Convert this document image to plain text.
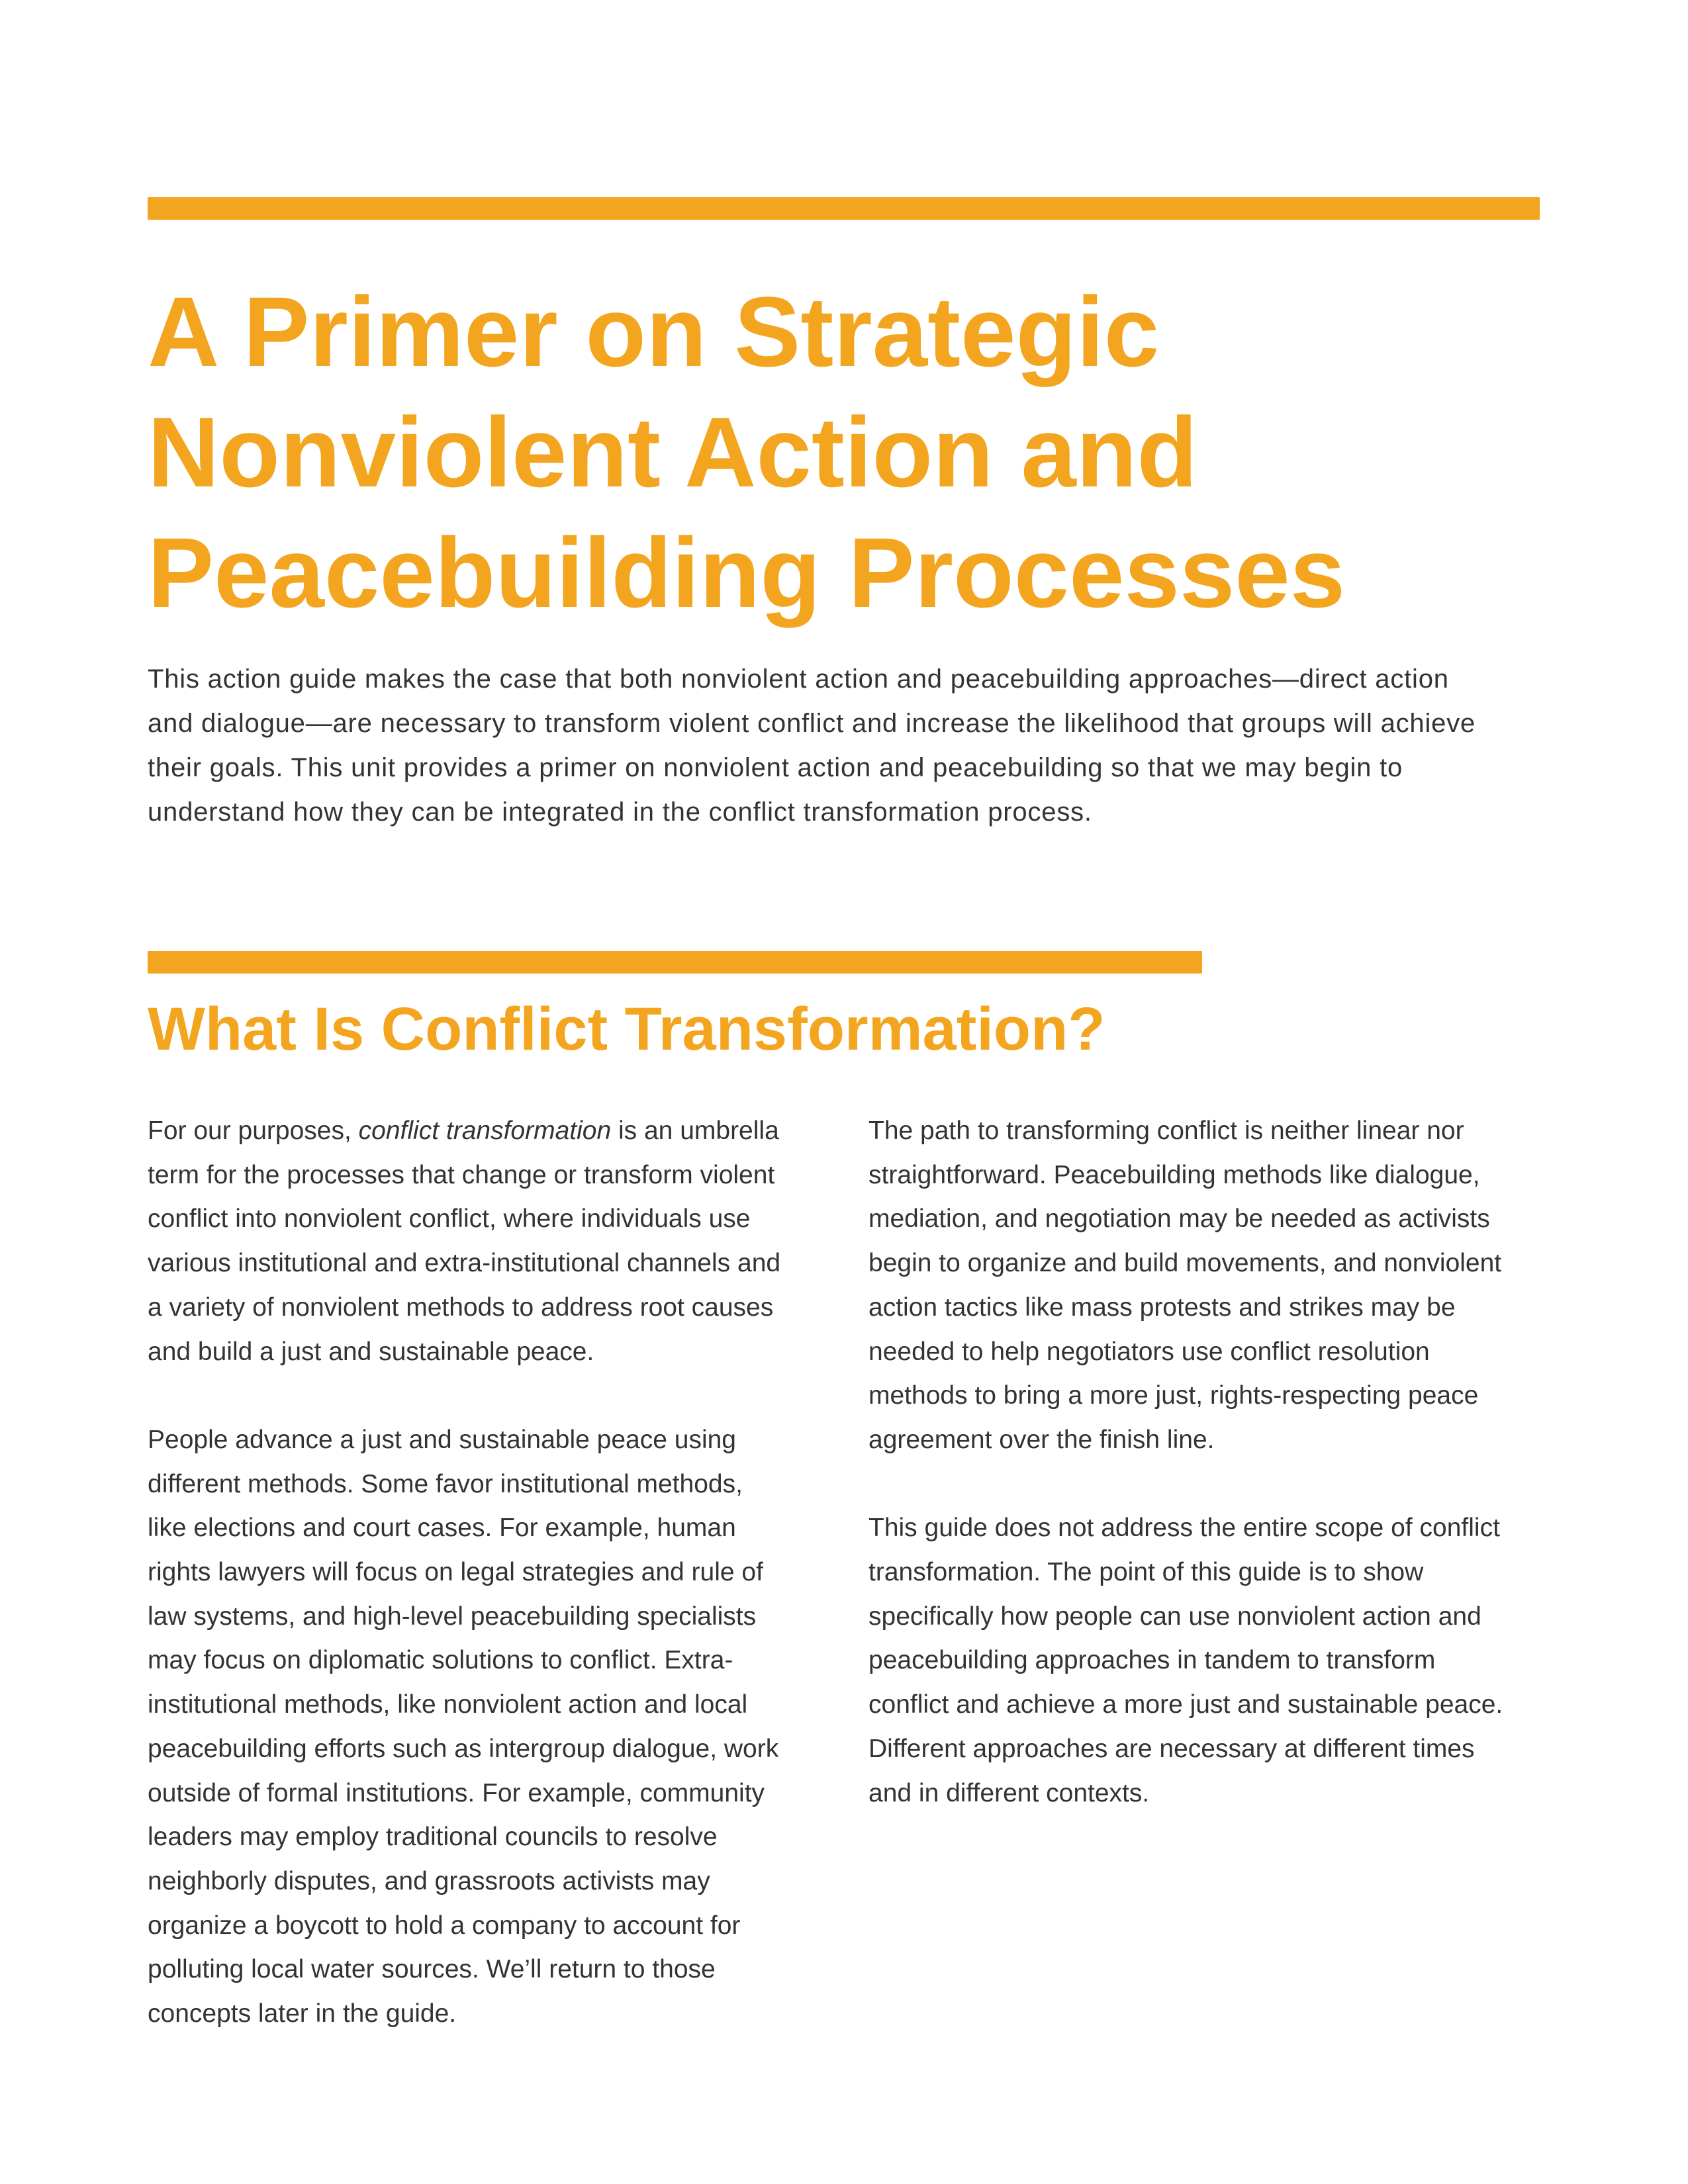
A Primer on Strategic
Nonviolent Action and
Peacebuilding Processes

This action guide makes the case that both nonviolent action and peacebuilding approaches—direct action
and dialogue—are necessary to transform violent conflict and increase the likelihood that groups will achieve
their goals. This unit provides a primer on nonviolent action and peacebuilding so that we may begin to
understand how they can be integrated in the conflict transformation process.

What Is Conflict Transformation?

For our purposes, conflict transformation is an umbrella
term for the processes that change or transform violent
conflict into nonviolent conflict, where individuals use
various institutional and extra-institutional channels and
a variety of nonviolent methods to address root causes
and build a just and sustainable peace.

People advance a just and sustainable peace using
different methods. Some favor institutional methods,
like elections and court cases. For example, human
rights lawyers will focus on legal strategies and rule of
law systems, and high-level peacebuilding specialists
may focus on diplomatic solutions to conflict. Extra-
institutional methods, like nonviolent action and local
peacebuilding efforts such as intergroup dialogue, work
outside of formal institutions. For example, community
leaders may employ traditional councils to resolve
neighborly disputes, and grassroots activists may
organize a boycott to hold a company to account for
polluting local water sources. We’ll return to those
concepts later in the guide.

The path to transforming conflict is neither linear nor
straightforward. Peacebuilding methods like dialogue,
mediation, and negotiation may be needed as activists
begin to organize and build movements, and nonviolent
action tactics like mass protests and strikes may be
needed to help negotiators use conflict resolution
methods to bring a more just, rights-respecting peace
agreement over the finish line.

This guide does not address the entire scope of conflict
transformation. The point of this guide is to show
specifically how people can use nonviolent action and
peacebuilding approaches in tandem to transform
conflict and achieve a more just and sustainable peace.
Different approaches are necessary at different times
and in different contexts.
